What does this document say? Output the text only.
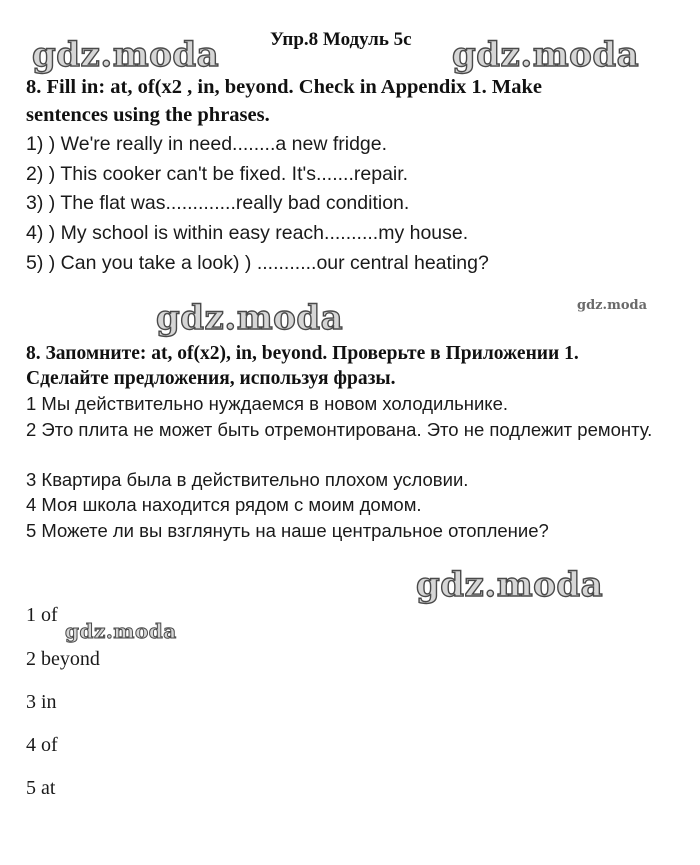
Упр.8 Модуль 5c
gdz.moda	gdz.moda
8. Fill in: at, of(x2 , in, beyond. Check in Appendix 1. Make
sentences using the phrases.
1) ) We're really in need........a new fridge.
2) ) This cooker can't be fixed. It's.......repair.
3) ) The flat was.............really bad condition.
4) ) My school is within easy reach..........my house.
5) ) Can you take a look) ) ...........our central heating?
gdz.moda	gdz.moda
8. Запомните: at, of(x2), in, beyond. Проверьте в Приложении 1.
Сделайте предложения, используя фразы.
1 Мы действительно нуждаемся в новом холодильнике.
2 Это плита не может быть отремонтирована. Это не подлежит ремонту.
3 Квартира была в действительно плохом условии.
4 Моя школа находится рядом с моим домом.
5 Можете ли вы взглянуть на наше центральное отопление?
gdz.moda
gdz.moda
1 of
2 beyond
3 in
4 of
5 at
